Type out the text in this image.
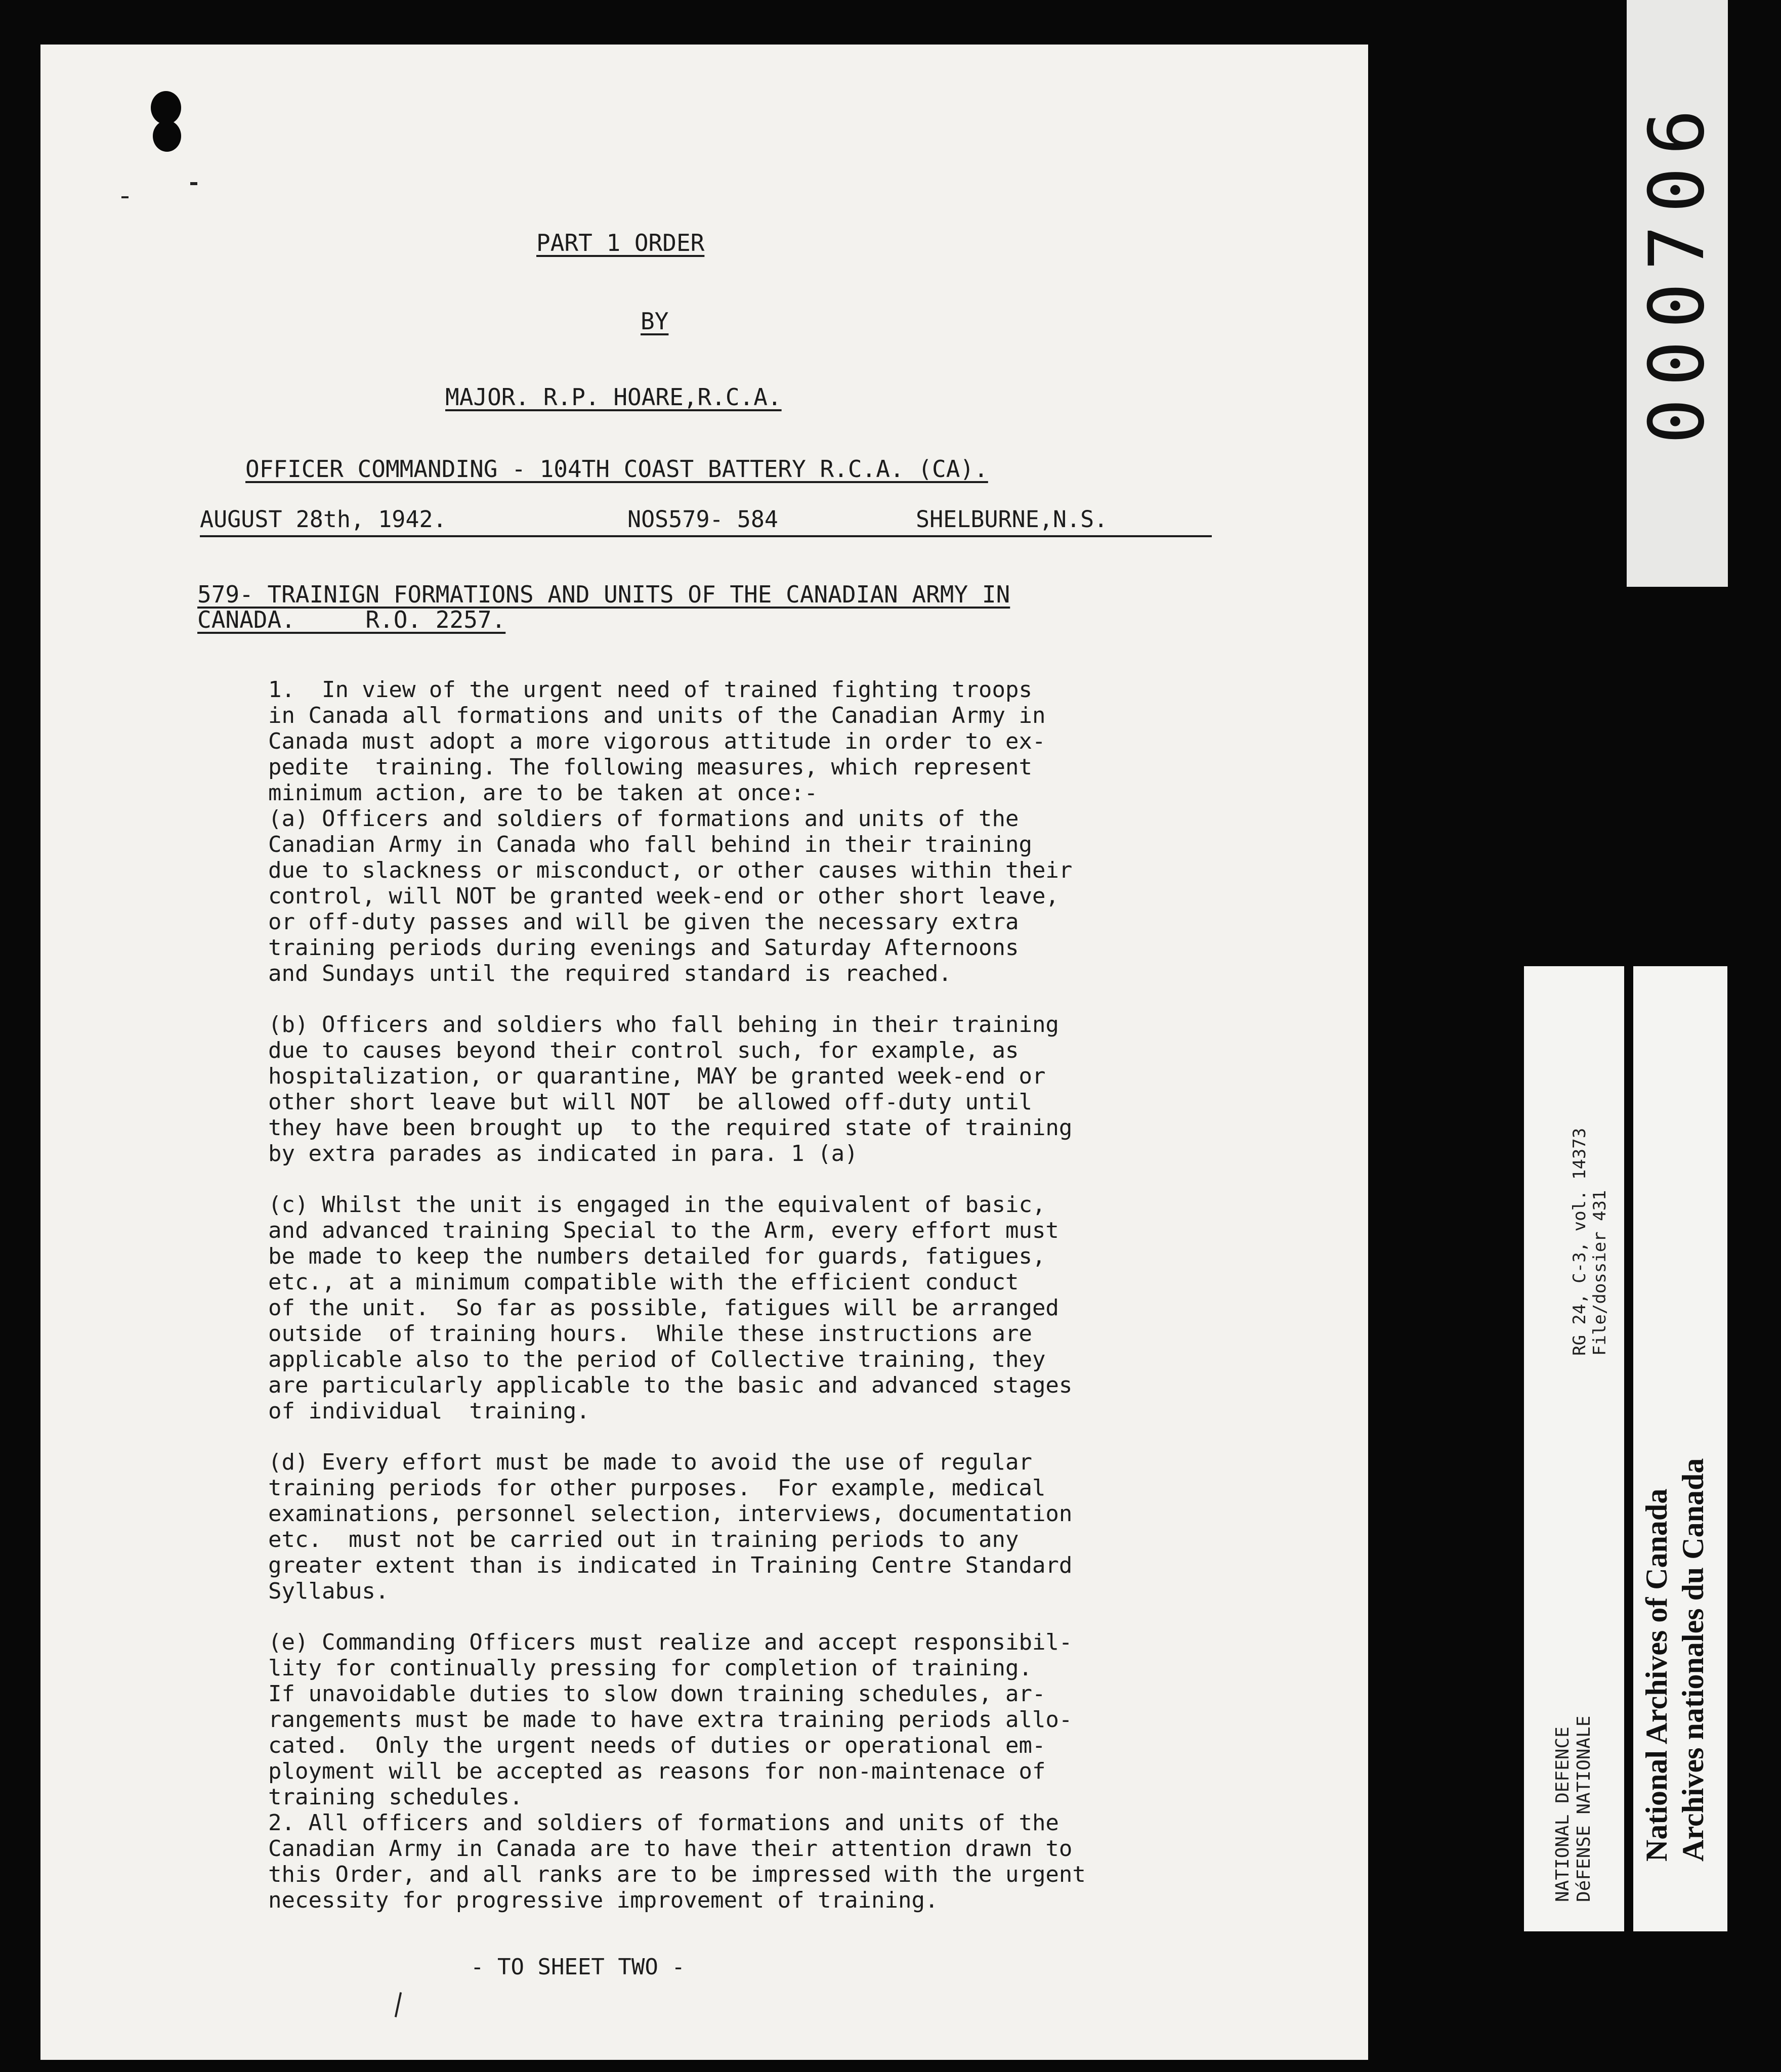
PART 1 ORDER
BY
MAJOR. R.P. HOARE,R.C.A.
OFFICER COMMANDING - 104TH COAST BATTERY R.C.A. (CA).
AUGUST 28th, 1942.	NOS579- 584	SHELBURNE,N.S.
579- TRAINIGN FORMATIONS AND UNITS OF THE CANADIAN ARMY IN
CANADA.     R.O. 2257.

1.  In view of the urgent need of trained fighting troops

in Canada all formations and units of the Canadian Army in

Canada must adopt a more vigorous attitude in order to ex-

pedite  training. The following measures, which represent

minimum action, are to be taken at once:-

(a) Officers and soldiers of formations and units of the

Canadian Army in Canada who fall behind in their training

due to slackness or misconduct, or other causes within their

control, will NOT be granted week-end or other short leave,

or off-duty passes and will be given the necessary extra

training periods during evenings and Saturday Afternoons

and Sundays until the required standard is reached.

(b) Officers and soldiers who fall behing in their training

due to causes beyond their control such, for example, as

hospitalization, or quarantine, MAY be granted week-end or

other short leave but will NOT  be allowed off-duty until

they have been brought up  to the required state of training

by extra parades as indicated in para. 1 (a)

(c) Whilst the unit is engaged in the equivalent of basic,

and advanced training Special to the Arm, every effort must

be made to keep the numbers detailed for guards, fatigues,

etc., at a minimum compatible with the efficient conduct

of the unit.  So far as possible, fatigues will be arranged

outside  of training hours.  While these instructions are

applicable also to the period of Collective training, they

are particularly applicable to the basic and advanced stages

of individual  training.

(d) Every effort must be made to avoid the use of regular

training periods for other purposes.  For example, medical

examinations, personnel selection, interviews, documentation

etc.  must not be carried out in training periods to any

greater extent than is indicated in Training Centre Standard

Syllabus.

(e) Commanding Officers must realize and accept responsibil-

lity for continually pressing for completion of training.

If unavoidable duties to slow down training schedules, ar-

rangements must be made to have extra training periods allo-

cated.  Only the urgent needs of duties or operational em-

ployment will be accepted as reasons for non-maintenace of

training schedules.

2. All officers and soldiers of formations and units of the

Canadian Army in Canada are to have their attention drawn to

this Order, and all ranks are to be impressed with the urgent

necessity for progressive improvement of training.

- TO SHEET TWO -
000706
RG 24, C-3, vol. 14373 File/dossier 431
NATIONAL DEFENCE DéFENSE NATIONALE National Archives of Canada Archives nationales du Canada
